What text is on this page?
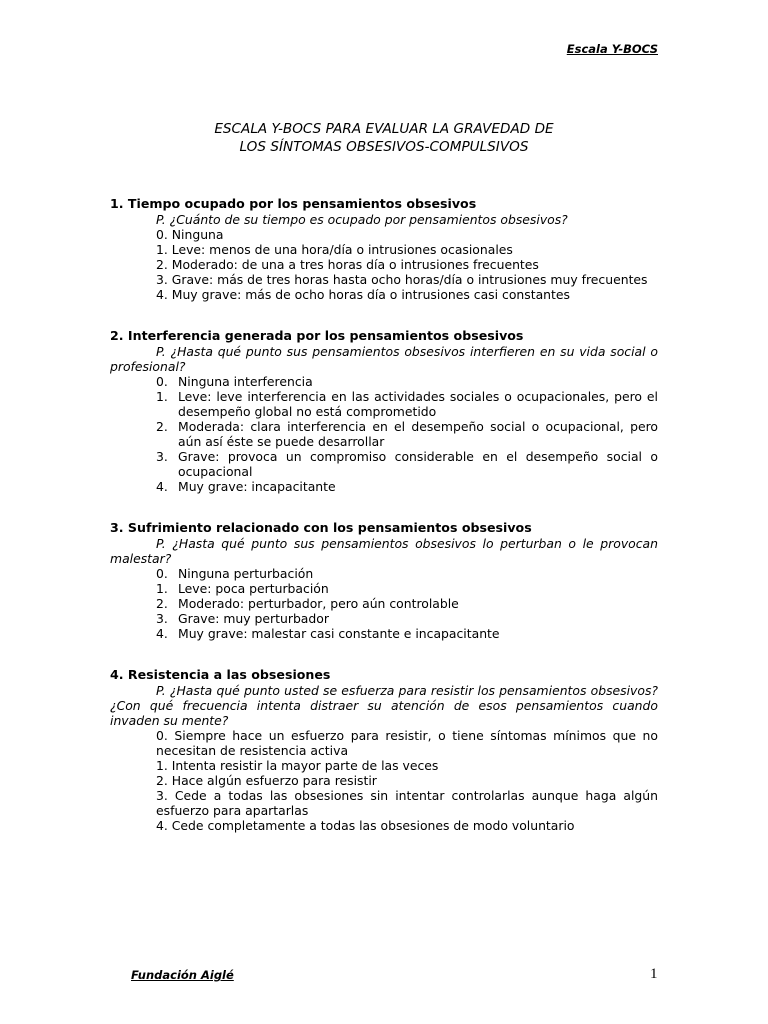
Escala Y-BOCS
ESCALA Y-BOCS PARA EVALUAR LA GRAVEDAD DE
LOS SÍNTOMAS OBSESIVOS-COMPULSIVOS
1. Tiempo ocupado por los pensamientos obsesivos
P. ¿Cuánto de su tiempo es ocupado por pensamientos obsesivos?
0. Ninguna
1. Leve: menos de una hora/día o intrusiones ocasionales
2. Moderado: de una a tres horas día o intrusiones frecuentes
3. Grave: más de tres horas hasta ocho horas/día o intrusiones muy frecuentes
4. Muy grave: más de ocho horas día o intrusiones casi constantes
2. Interferencia generada por los pensamientos obsesivos
P. ¿Hasta qué punto sus pensamientos obsesivos interfieren en su vida social o profesional?
0. Ninguna interferencia
1. Leve: leve interferencia en las actividades sociales o ocupacionales, pero el desempeño global no está comprometido
2. Moderada: clara interferencia en el desempeño social o ocupacional, pero aún así éste se puede desarrollar
3. Grave: provoca un compromiso considerable en el desempeño social o ocupacional
4. Muy grave: incapacitante
3. Sufrimiento relacionado con los pensamientos obsesivos
P. ¿Hasta qué punto sus pensamientos obsesivos lo perturban o le provocan malestar?
0. Ninguna perturbación
1. Leve: poca perturbación
2. Moderado: perturbador, pero aún controlable
3. Grave: muy perturbador
4. Muy grave: malestar casi constante e incapacitante
4. Resistencia a las obsesiones
P. ¿Hasta qué punto usted se esfuerza para resistir los pensamientos obsesivos? ¿Con qué frecuencia intenta distraer su atención de esos pensamientos cuando invaden su mente?
0. Siempre hace un esfuerzo para resistir, o tiene síntomas mínimos que no necesitan de resistencia activa
1. Intenta resistir la mayor parte de las veces
2. Hace algún esfuerzo para resistir
3. Cede a todas las obsesiones sin intentar controlarlas aunque haga algún esfuerzo para apartarlas
4. Cede completamente a todas las obsesiones de modo voluntario
Fundación Aiglé	1
